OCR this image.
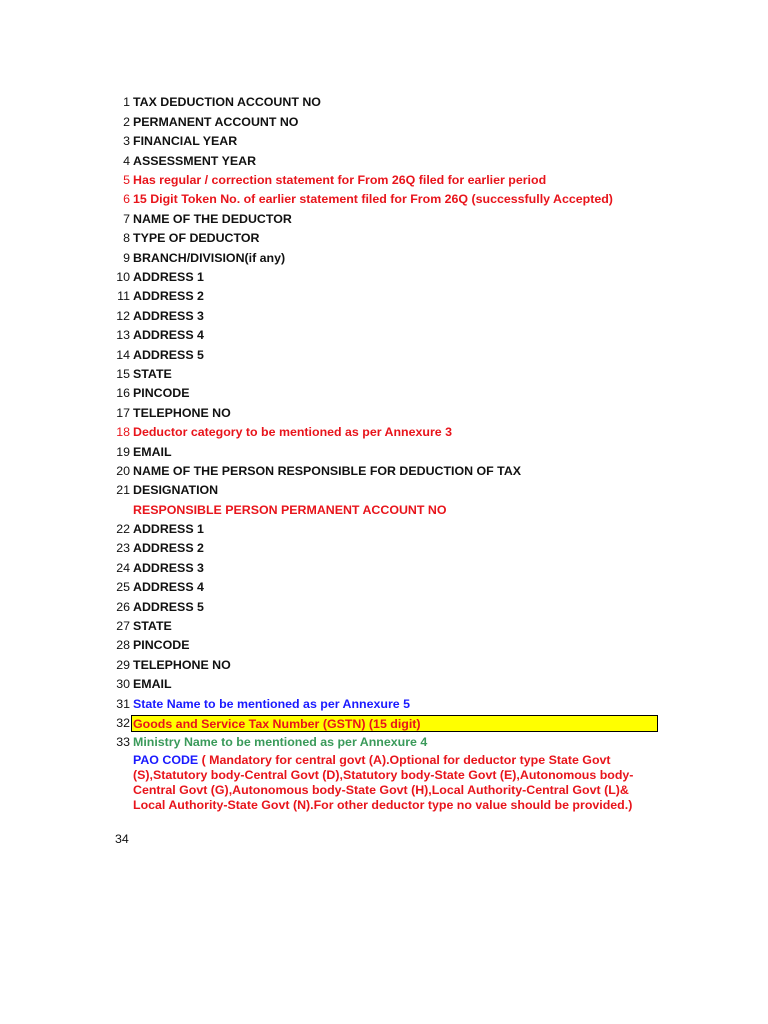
1 TAX DEDUCTION ACCOUNT NO
2 PERMANENT ACCOUNT NO
3 FINANCIAL YEAR
4 ASSESSMENT YEAR
5 Has regular / correction statement for From 26Q filed for earlier period
6 15 Digit Token No. of earlier statement filed for From 26Q (successfully Accepted)
7 NAME OF THE DEDUCTOR
8 TYPE OF DEDUCTOR
9 BRANCH/DIVISION(if any)
10 ADDRESS 1
11 ADDRESS 2
12 ADDRESS 3
13 ADDRESS 4
14 ADDRESS 5
15 STATE
16 PINCODE
17 TELEPHONE NO
18 Deductor category to be mentioned as per Annexure 3
19 EMAIL
20 NAME OF THE PERSON RESPONSIBLE FOR DEDUCTION OF TAX
21 DESIGNATION
RESPONSIBLE PERSON PERMANENT ACCOUNT NO
22 ADDRESS 1
23 ADDRESS 2
24 ADDRESS 3
25 ADDRESS 4
26 ADDRESS 5
27 STATE
28 PINCODE
29 TELEPHONE NO
30 EMAIL
31 State Name to be mentioned as per Annexure 5
32 Goods and Service Tax Number (GSTN) (15 digit)
33 Ministry Name to be mentioned as per Annexure 4
PAO CODE ( Mandatory for central govt (A).Optional for deductor type State Govt (S),Statutory body-Central Govt (D),Statutory body-State Govt (E),Autonomous body-Central Govt (G),Autonomous body-State Govt (H),Local Authority-Central Govt (L)& Local Authority-State Govt (N).For other deductor type no value should be provided.)
34
